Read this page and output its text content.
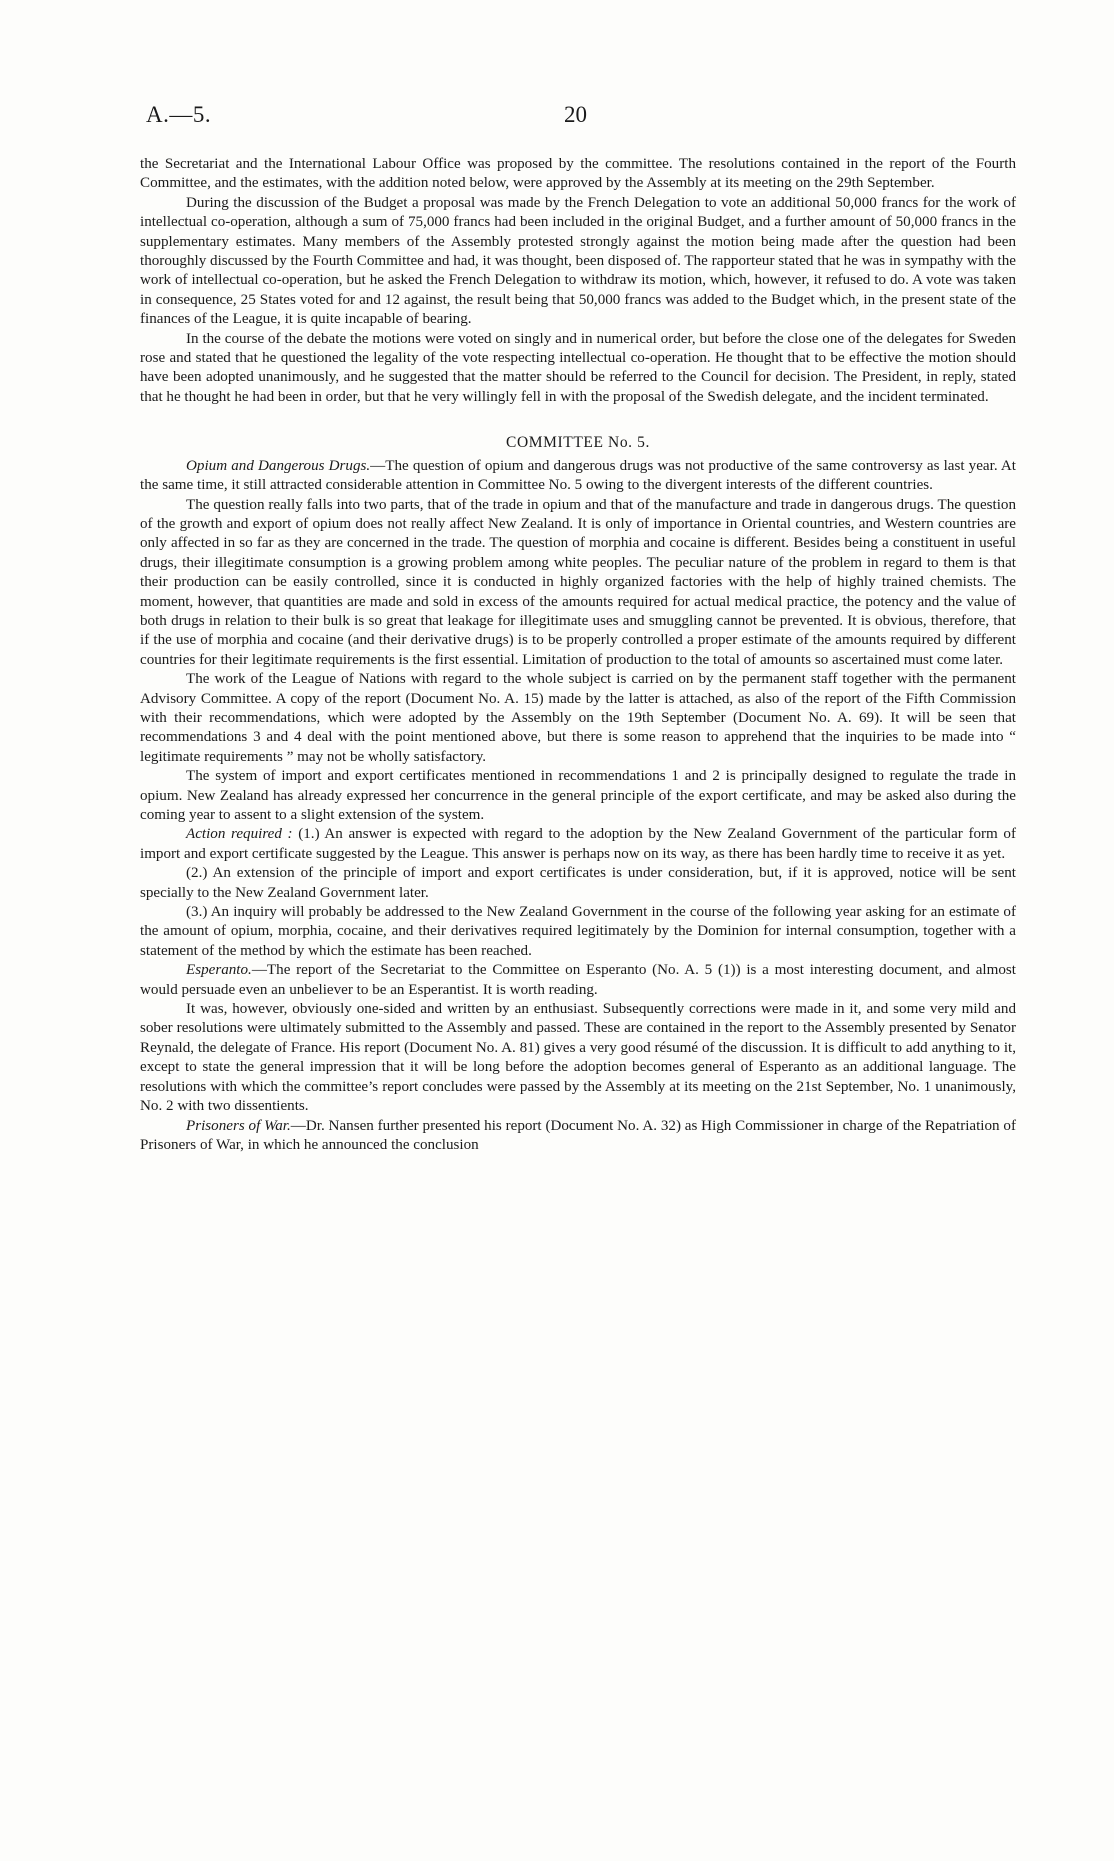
A.—5.	20

the Secretariat and the International Labour Office was proposed by the committee. The resolutions contained in the report of the Fourth Committee, and the estimates, with the addition noted below, were approved by the Assembly at its meeting on the 29th September.

During the discussion of the Budget a proposal was made by the French Delegation to vote an additional 50,000 francs for the work of intellectual co-operation, although a sum of 75,000 francs had been included in the original Budget, and a further amount of 50,000 francs in the supplementary estimates. Many members of the Assembly protested strongly against the motion being made after the question had been thoroughly discussed by the Fourth Committee and had, it was thought, been disposed of. The rapporteur stated that he was in sympathy with the work of intellectual co-operation, but he asked the French Delegation to withdraw its motion, which, however, it refused to do. A vote was taken in consequence, 25 States voted for and 12 against, the result being that 50,000 francs was added to the Budget which, in the present state of the finances of the League, it is quite incapable of bearing.

In the course of the debate the motions were voted on singly and in numerical order, but before the close one of the delegates for Sweden rose and stated that he questioned the legality of the vote respecting intellectual co-operation. He thought that to be effective the motion should have been adopted unanimously, and he suggested that the matter should be referred to the Council for decision. The President, in reply, stated that he thought he had been in order, but that he very willingly fell in with the proposal of the Swedish delegate, and the incident terminated.

COMMITTEE No. 5.

Opium and Dangerous Drugs.—The question of opium and dangerous drugs was not productive of the same controversy as last year. At the same time, it still attracted considerable attention in Committee No. 5 owing to the divergent interests of the different countries.

The question really falls into two parts, that of the trade in opium and that of the manufacture and trade in dangerous drugs. The question of the growth and export of opium does not really affect New Zealand. It is only of importance in Oriental countries, and Western countries are only affected in so far as they are concerned in the trade. The question of morphia and cocaine is different. Besides being a constituent in useful drugs, their illegitimate consumption is a growing problem among white peoples. The peculiar nature of the problem in regard to them is that their production can be easily controlled, since it is conducted in highly organized factories with the help of highly trained chemists. The moment, however, that quantities are made and sold in excess of the amounts required for actual medical practice, the potency and the value of both drugs in relation to their bulk is so great that leakage for illegitimate uses and smuggling cannot be prevented. It is obvious, therefore, that if the use of morphia and cocaine (and their derivative drugs) is to be properly controlled a proper estimate of the amounts required by different countries for their legitimate requirements is the first essential. Limitation of production to the total of amounts so ascertained must come later.

The work of the League of Nations with regard to the whole subject is carried on by the permanent staff together with the permanent Advisory Committee. A copy of the report (Document No. A. 15) made by the latter is attached, as also of the report of the Fifth Commission with their recommendations, which were adopted by the Assembly on the 19th September (Document No. A. 69). It will be seen that recommendations 3 and 4 deal with the point mentioned above, but there is some reason to apprehend that the inquiries to be made into “ legitimate requirements ” may not be wholly satisfactory.

The system of import and export certificates mentioned in recommendations 1 and 2 is principally designed to regulate the trade in opium. New Zealand has already expressed her concurrence in the general principle of the export certificate, and may be asked also during the coming year to assent to a slight extension of the system.

Action required : (1.) An answer is expected with regard to the adoption by the New Zealand Government of the particular form of import and export certificate suggested by the League. This answer is perhaps now on its way, as there has been hardly time to receive it as yet.

(2.) An extension of the principle of import and export certificates is under consideration, but, if it is approved, notice will be sent specially to the New Zealand Government later.

(3.) An inquiry will probably be addressed to the New Zealand Government in the course of the following year asking for an estimate of the amount of opium, morphia, cocaine, and their derivatives required legitimately by the Dominion for internal consumption, together with a statement of the method by which the estimate has been reached.

Esperanto.—The report of the Secretariat to the Committee on Esperanto (No. A. 5 (1)) is a most interesting document, and almost would persuade even an unbeliever to be an Esperantist. It is worth reading.

It was, however, obviously one-sided and written by an enthusiast. Subsequently corrections were made in it, and some very mild and sober resolutions were ultimately submitted to the Assembly and passed. These are contained in the report to the Assembly presented by Senator Reynald, the delegate of France. His report (Document No. A. 81) gives a very good résumé of the discussion. It is difficult to add anything to it, except to state the general impression that it will be long before the adoption becomes general of Esperanto as an additional language. The resolutions with which the committee’s report concludes were passed by the Assembly at its meeting on the 21st September, No. 1 unanimously, No. 2 with two dissentients.

Prisoners of War.—Dr. Nansen further presented his report (Document No. A. 32) as High Commissioner in charge of the Repatriation of Prisoners of War, in which he announced the conclusion
